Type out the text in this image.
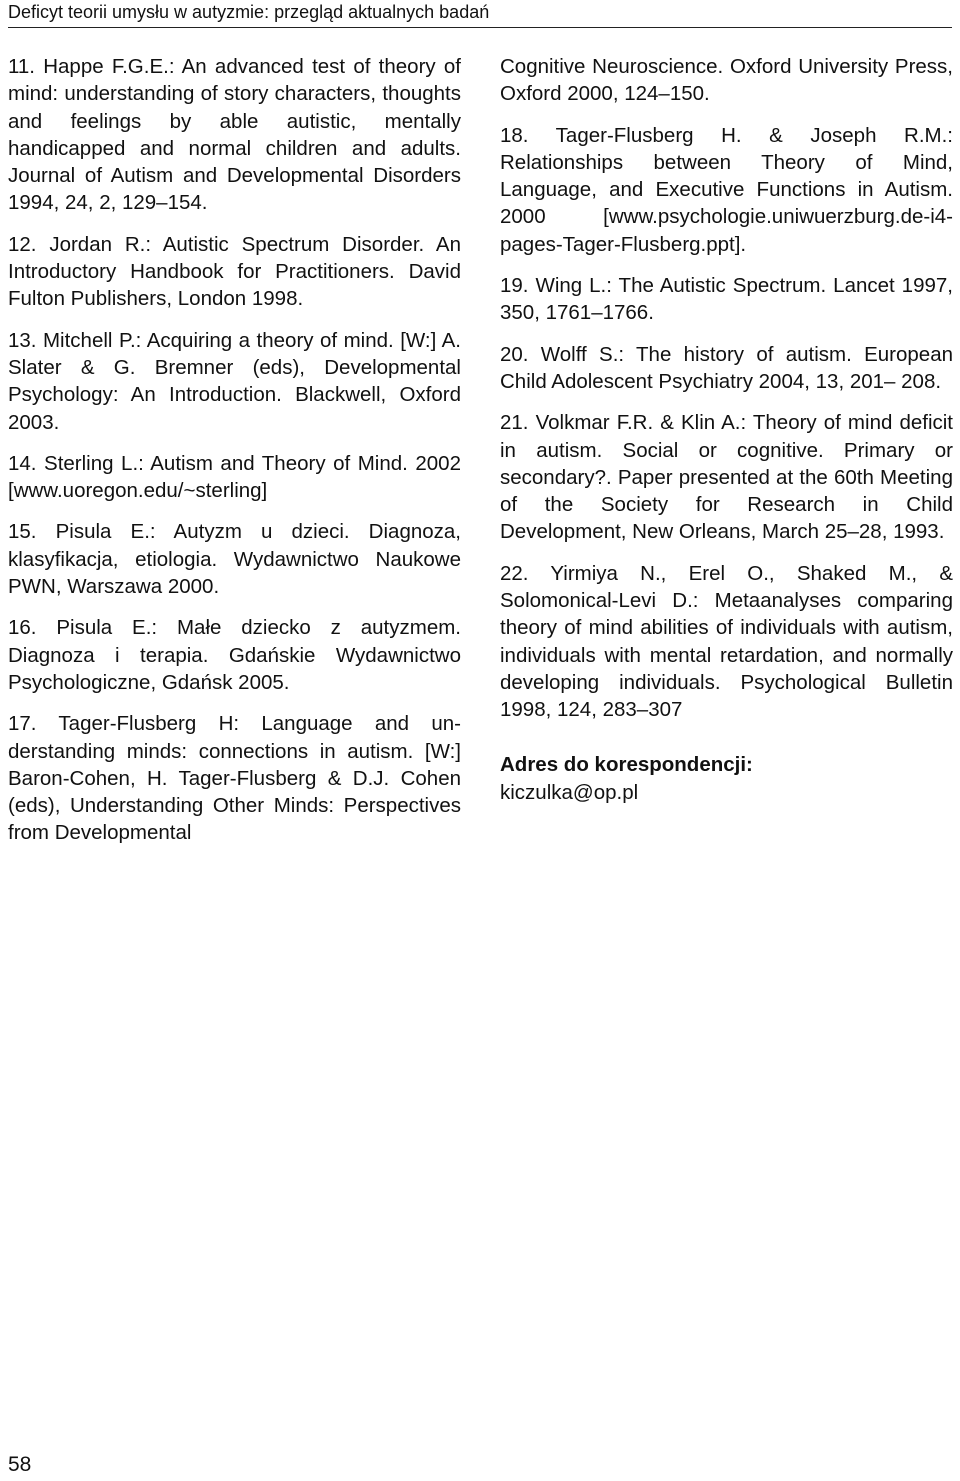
Deficyt teorii umysłu w autyzmie: przegląd aktualnych badań

11. Happe F.G.E.: An advanced test of theory of mind: understanding of story characters, thoughts and feelings by able autistic, mentally handicapped and normal children and adults. Journal of Autism and Developmental Disorders 1994, 24, 2, 129–154.

12. Jordan R.: Autistic Spectrum Disorder. An Introductory Handbook for Practitioners. David Fulton Publishers, London 1998.

13. Mitchell P.: Acquiring a theory of mind. [W:] A. Slater & G. Bremner (eds), Developmental Psychology: An Introduction. Blackwell, Oxford 2003.

14. Sterling L.: Autism and Theory of Mind. 2002 [www.uoregon.edu/~sterling]

15. Pisula E.: Autyzm u dzieci. Diagnoza, klasyfikacja, etiologia. Wydawnictwo Naukowe PWN, Warszawa 2000.

16. Pisula E.: Małe dziecko z autyzmem. Diagnoza i terapia. Gdańskie Wydawnictwo Psychologiczne, Gdańsk 2005.

17. Tager-Flusberg H: Language and understanding minds: connections in autism. [W:] Baron-Cohen, H. Tager-Flusberg & D.J. Cohen (eds), Understanding Other Minds: Perspectives from Developmental

Cognitive Neuroscience. Oxford University Press, Oxford 2000, 124–150.

18. Tager-Flusberg H. & Joseph R.M.: Relationships between Theory of Mind, Language, and Executive Functions in Autism. 2000 [www.psychologie.uniwuerzburg.de-i4-pages-Tager-Flusberg.ppt].

19. Wing L.: The Autistic Spectrum. Lancet 1997, 350, 1761–1766.

20. Wolff S.: The history of autism. European Child Adolescent Psychiatry 2004, 13, 201– 208.

21. Volkmar F.R. & Klin A.: Theory of mind deficit in autism. Social or cognitive. Primary or secondary?. Paper presented at the 60th Meeting of the Society for Research in Child Development, New Orleans, March 25–28, 1993.

22. Yirmiya N., Erel O., Shaked M., & Solomonical-Levi D.: Metaanalyses comparing theory of mind abilities of individuals with autism, individuals with mental retardation, and normally developing individuals. Psychological Bulletin 1998, 124, 283–307

Adres do korespondencji:
kiczulka@op.pl
58
